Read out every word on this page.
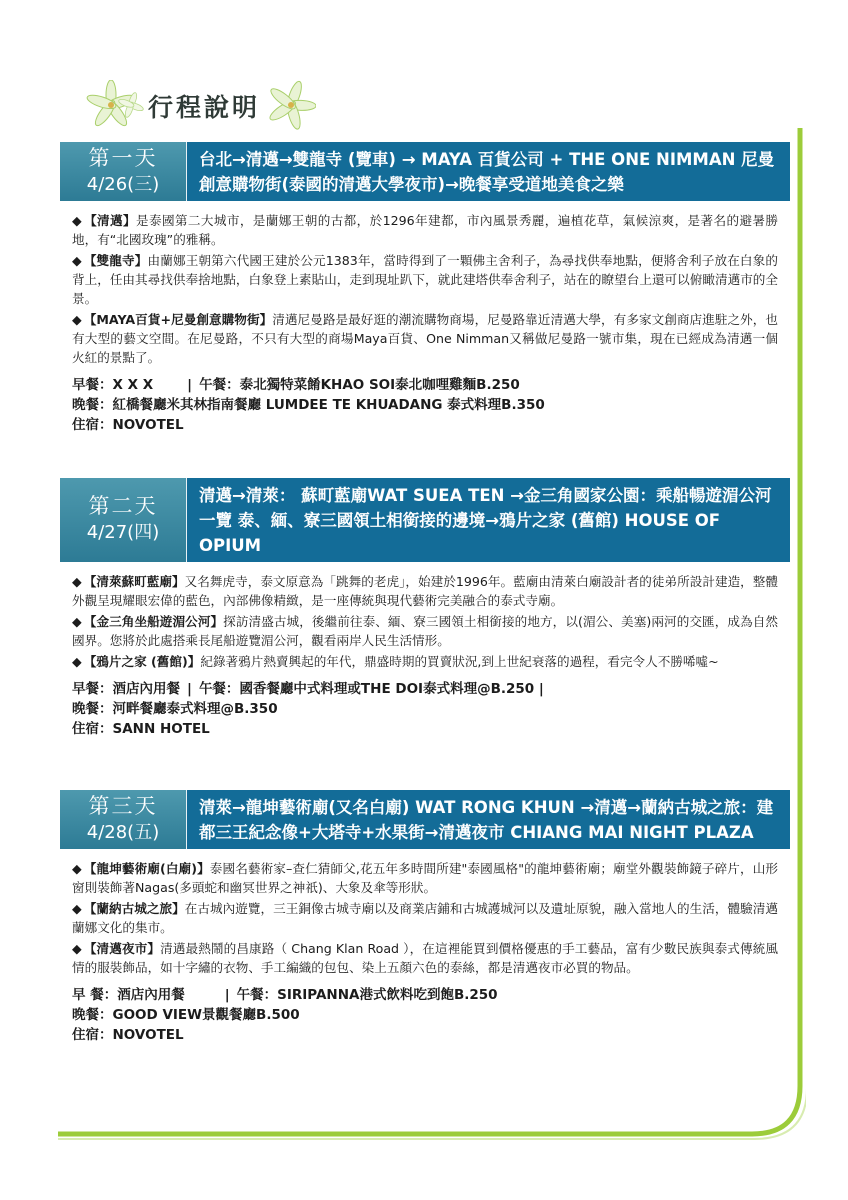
行程說明
第一天
4/26(三)
台北→清邁→雙龍寺 (覽車) → MAYA 百貨公司 + THE ONE NIMMAN 尼曼創意購物街(泰國的清邁大學夜市)→晚餐享受道地美食之樂

◆ 【清邁】是泰國第二大城市，是蘭娜王朝的古都，於1296年建都，市內風景秀麗，遍植花草，氣候涼爽，是著名的避暑勝地，有“北國玫瑰”的雅稱。

◆ 【雙龍寺】由蘭娜王朝第六代國王建於公元1383年，當時得到了一顆佛主舍利子，為尋找供奉地點，便將舍利子放在白象的背上，任由其尋找供奉捨地點，白象登上素貼山，走到現址趴下，就此建塔供奉舍利子，站在的瞭望台上還可以俯瞰清邁市的全景。

◆ 【MAYA百貨+尼曼創意購物街】清邁尼曼路是最好逛的潮流購物商場，尼曼路靠近清邁大學，有多家文創商店進駐之外，也有大型的藝文空間。在尼曼路，不只有大型的商場Maya百貨、One Nimman又稱做尼曼路一號市集，現在已經成為清邁一個火紅的景點了。

早餐：X X X	| 午餐：泰北獨特菜餚KHAO SOI泰北咖哩雞麵B.250

晚餐：紅橋餐廳米其林指南餐廳 LUMDEE TE KHUADANG 泰式料理B.350

住宿：NOVOTEL

第二天
4/27(四)
清邁→清萊： 蘇町藍廟WAT SUEA TEN →金三角國家公園：乘船暢遊湄公河一覽 泰、緬、寮三國領土相銜接的邊境→鴉片之家 (舊館) HOUSE OF OPIUM

◆ 【清萊蘇町藍廟】又名舞虎寺，泰文原意為「跳舞的老虎」，始建於1996年。藍廟由清萊白廟設計者的徒弟所設計建造，整體外觀呈現耀眼宏偉的藍色，內部佛像精緻，是一座傳統與現代藝術完美融合的泰式寺廟。

◆ 【金三角坐船遊湄公河】探訪清盛古城，後繼前往泰、緬、寮三國領土相銜接的地方，以(湄公、美塞)兩河的交匯，成為自然國界。您將於此處搭乘長尾船遊覽湄公河，觀看兩岸人民生活情形。

◆ 【鴉片之家 (舊館)】紀錄著鴉片熱賣興起的年代，鼎盛時期的買賣狀況,到上世紀衰落的過程，看完令人不勝唏噓~

早餐：酒店內用餐 | 午餐：國香餐廳中式料理或THE DOI泰式料理@B.250 |

晚餐：河畔餐廳泰式料理@B.350

住宿：SANN HOTEL

第三天
4/28(五)
清萊→龍坤藝術廟(又名白廟) WAT RONG KHUN →清邁→蘭納古城之旅：建都三王紀念像+大塔寺+水果街→清邁夜市 CHIANG MAI NIGHT PLAZA

◆ 【龍坤藝術廟(白廟)】泰國名藝術家–查仁猜師父,花五年多時間所建"泰國風格"的龍坤藝術廟；廟堂外觀裝飾鏡子碎片，山形窗則裝飾著Nagas(多頭蛇和幽冥世界之神祇)、大象及傘等形狀。

◆ 【蘭納古城之旅】在古城內遊覽，三王銅像古城寺廟以及商業店鋪和古城護城河以及遺址原貌，融入當地人的生活，體驗清邁蘭娜文化的集市。

◆ 【清邁夜市】清邁最熱鬧的昌康路（ Chang Klan Road ），在這裡能買到價格優惠的手工藝品，富有少數民族與泰式傳統風情的服裝飾品，如十字繡的衣物、手工編織的包包、染上五顏六色的泰絲，都是清邁夜市必買的物品。

早 餐：酒店內用餐	| 午餐：SIRIPANNA港式飲料吃到飽B.250

晚餐：GOOD VIEW景觀餐廳B.500

住宿：NOVOTEL
